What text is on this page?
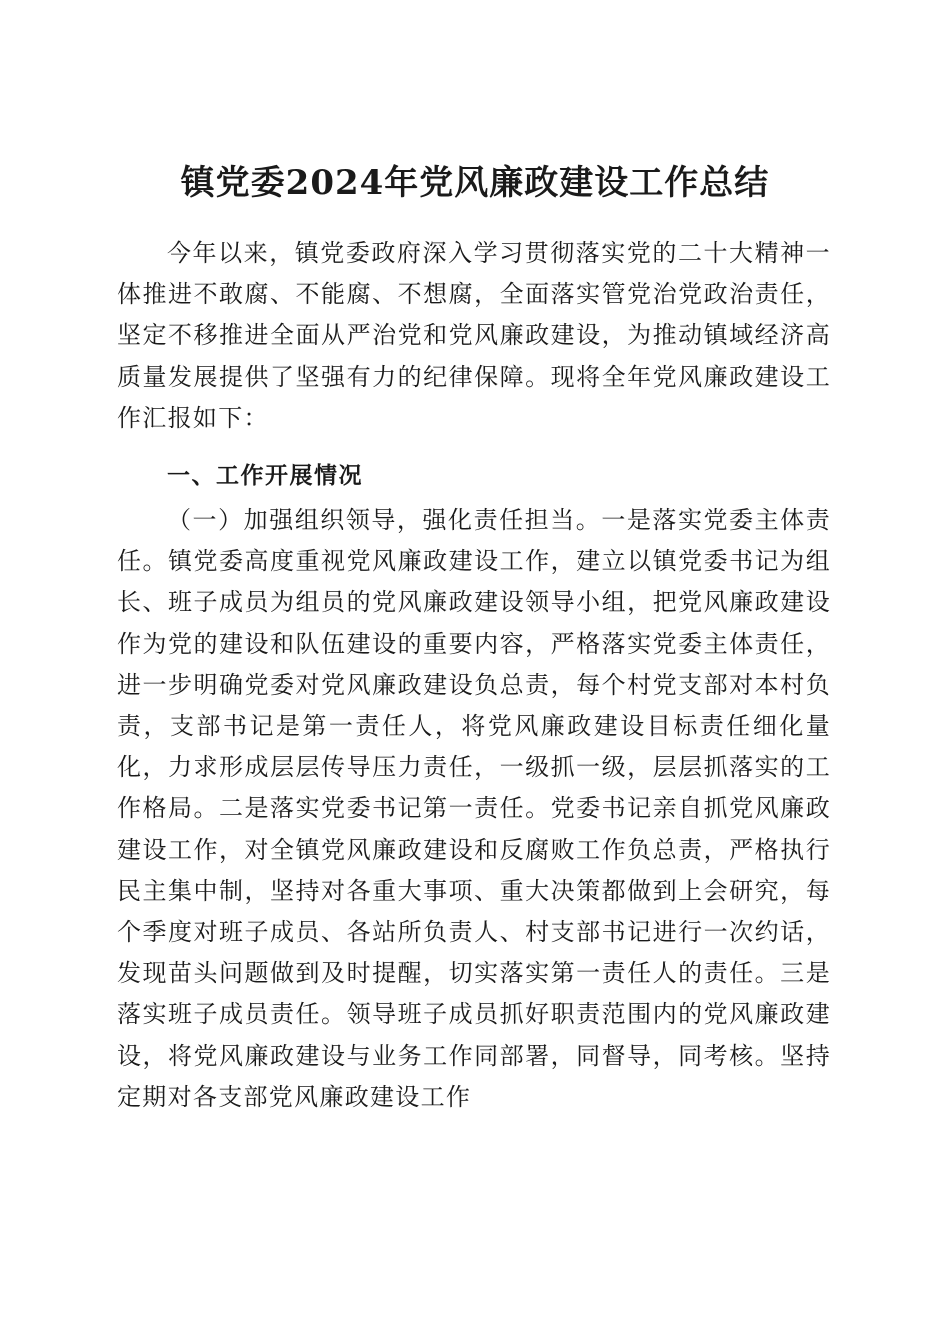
镇党委2024年党风廉政建设工作总结

今年以来，镇党委政府深入学习贯彻落实党的二十大精神一体推进不敢腐、不能腐、不想腐，全面落实管党治党政治责任，坚定不移推进全面从严治党和党风廉政建设，为推动镇域经济高质量发展提供了坚强有力的纪律保障。现将全年党风廉政建设工作汇报如下：

一、工作开展情况

（一）加强组织领导，强化责任担当。一是落实党委主体责任。镇党委高度重视党风廉政建设工作，建立以镇党委书记为组长、班子成员为组员的党风廉政建设领导小组，把党风廉政建设作为党的建设和队伍建设的重要内容，严格落实党委主体责任，进一步明确党委对党风廉政建设负总责，每个村党支部对本村负责，支部书记是第一责任人，将党风廉政建设目标责任细化量化，力求形成层层传导压力责任，一级抓一级，层层抓落实的工作格局。二是落实党委书记第一责任。党委书记亲自抓党风廉政建设工作，对全镇党风廉政建设和反腐败工作负总责，严格执行民主集中制，坚持对各重大事项、重大决策都做到上会研究，每个季度对班子成员、各站所负责人、村支部书记进行一次约话，发现苗头问题做到及时提醒，切实落实第一责任人的责任。三是落实班子成员责任。领导班子成员抓好职责范围内的党风廉政建设，将党风廉政建设与业务工作同部署，同督导，同考核。坚持定期对各支部党风廉政建设工作
